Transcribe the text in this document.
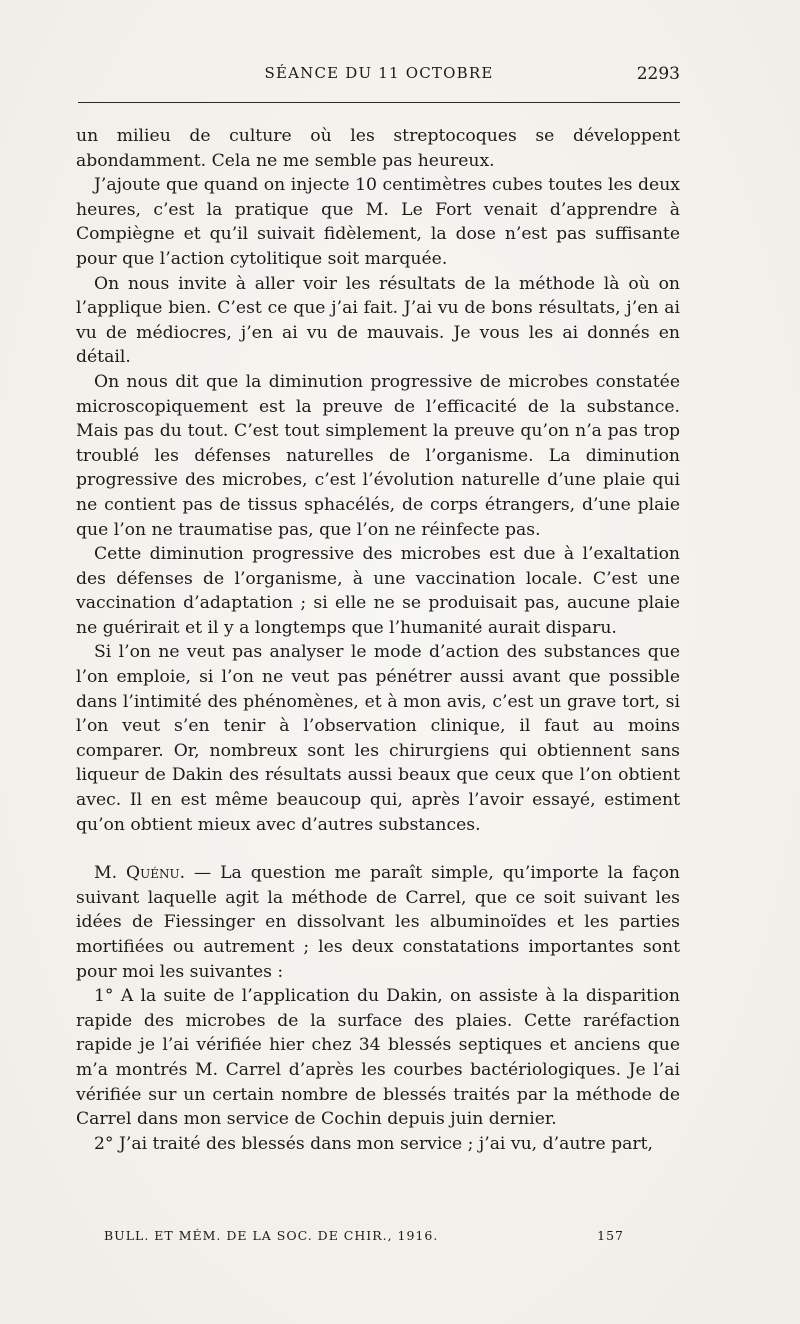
SÉANCE DU 11 OCTOBRE	2293

un milieu de culture où les streptocoques se développent abondamment. Cela ne me semble pas heureux.

J’ajoute que quand on injecte 10 centimètres cubes toutes les deux heures, c’est la pratique que M. Le Fort venait d’apprendre à Compiègne et qu’il suivait fidèlement, la dose n’est pas suffisante pour que l’action cytolitique soit marquée.

On nous invite à aller voir les résultats de la méthode là où on l’applique bien. C’est ce que j’ai fait. J’ai vu de bons résultats, j’en ai vu de médiocres, j’en ai vu de mauvais. Je vous les ai donnés en détail.

On nous dit que la diminution progressive de microbes constatée microscopiquement est la preuve de l’efficacité de la substance. Mais pas du tout. C’est tout simplement la preuve qu’on n’a pas trop troublé les défenses naturelles de l’organisme. La diminution progressive des microbes, c’est l’évolution naturelle d’une plaie qui ne contient pas de tissus sphacélés, de corps étrangers, d’une plaie que l’on ne traumatise pas, que l’on ne réinfecte pas.

Cette diminution progressive des microbes est due à l’exaltation des défenses de l’organisme, à une vaccination locale. C’est une vaccination d’adaptation ; si elle ne se produisait pas, aucune plaie ne guérirait et il y a longtemps que l’humanité aurait disparu.

Si l’on ne veut pas analyser le mode d’action des substances que l’on emploie, si l’on ne veut pas pénétrer aussi avant que possible dans l’intimité des phénomènes, et à mon avis, c’est un grave tort, si l’on veut s’en tenir à l’observation clinique, il faut au moins comparer. Or, nombreux sont les chirurgiens qui obtiennent sans liqueur de Dakin des résultats aussi beaux que ceux que l’on obtient avec. Il en est même beaucoup qui, après l’avoir essayé, estiment qu’on obtient mieux avec d’autres substances.

M. Quénu. — La question me paraît simple, qu’importe la façon suivant laquelle agit la méthode de Carrel, que ce soit suivant les idées de Fiessinger en dissolvant les albuminoïdes et les parties mortifiées ou autrement ; les deux constatations importantes sont pour moi les suivantes :

1° A la suite de l’application du Dakin, on assiste à la disparition rapide des microbes de la surface des plaies. Cette raréfaction rapide je l’ai vérifiée hier chez 34 blessés septiques et anciens que m’a montrés M. Carrel d’après les courbes bactériologiques. Je l’ai vérifiée sur un certain nombre de blessés traités par la méthode de Carrel dans mon service de Cochin depuis juin dernier.

2° J’ai traité des blessés dans mon service ; j’ai vu, d’autre part,

BULL. ET MÉM. DE LA SOC. DE CHIR., 1916.	157
